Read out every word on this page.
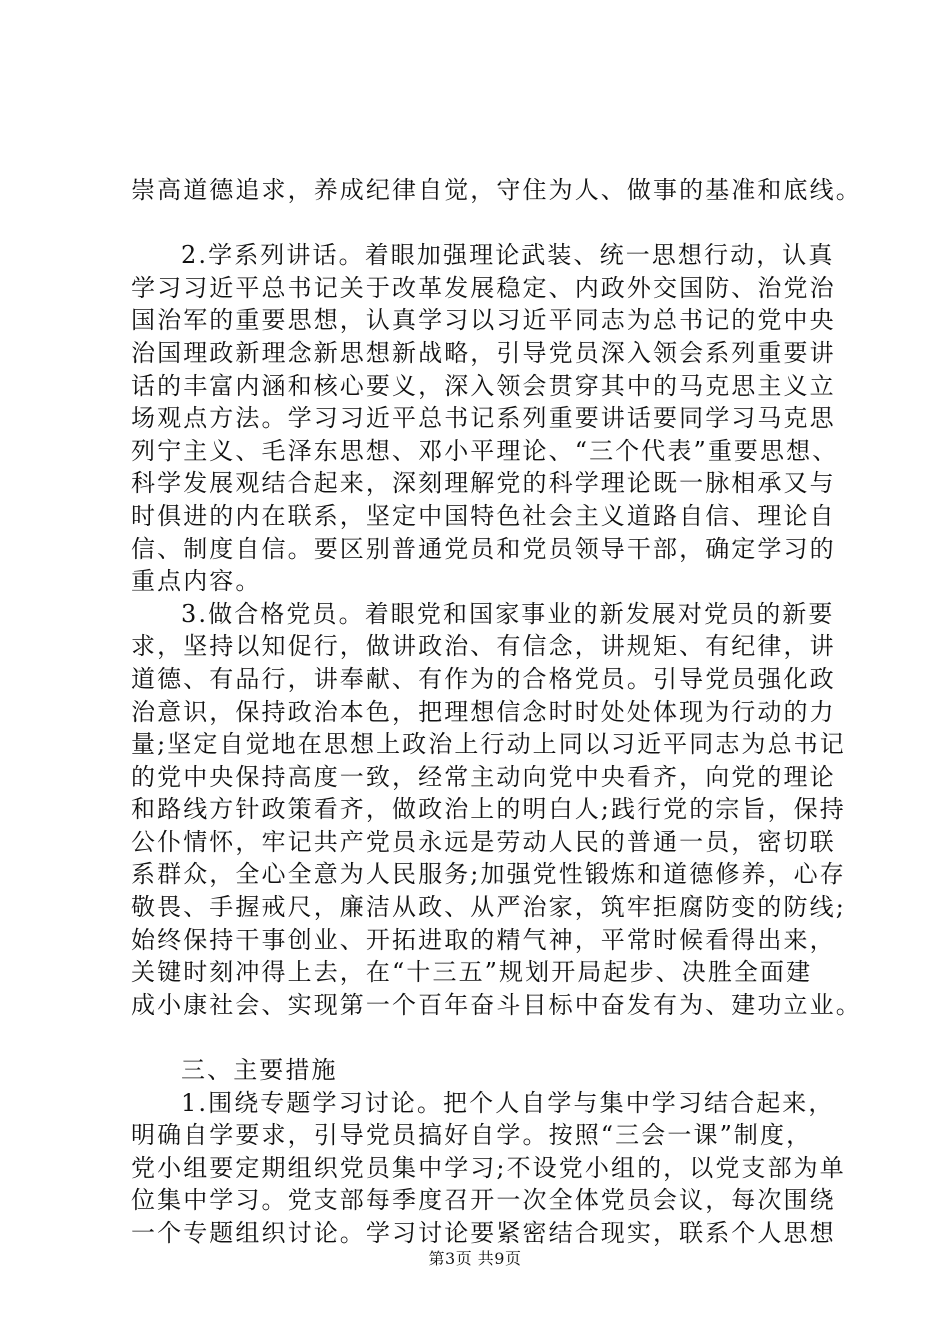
崇高道德追求，养成纪律自觉，守住为人、做事的基准和底线。
2.学系列讲话。着眼加强理论武装、统一思想行动，认真
学习习近平总书记关于改革发展稳定、内政外交国防、治党治
国治军的重要思想，认真学习以习近平同志为总书记的党中央
治国理政新理念新思想新战略，引导党员深入领会系列重要讲
话的丰富内涵和核心要义，深入领会贯穿其中的马克思主义立
场观点方法。学习习近平总书记系列重要讲话要同学习马克思
列宁主义、毛泽东思想、邓小平理论、“三个代表”重要思想、
科学发展观结合起来，深刻理解党的科学理论既一脉相承又与
时俱进的内在联系，坚定中国特色社会主义道路自信、理论自
信、制度自信。要区别普通党员和党员领导干部，确定学习的
重点内容。
3.做合格党员。着眼党和国家事业的新发展对党员的新要
求，坚持以知促行，做讲政治、有信念，讲规矩、有纪律，讲
道德、有品行，讲奉献、有作为的合格党员。引导党员强化政
治意识，保持政治本色，把理想信念时时处处体现为行动的力
量;坚定自觉地在思想上政治上行动上同以习近平同志为总书记
的党中央保持高度一致，经常主动向党中央看齐，向党的理论
和路线方针政策看齐，做政治上的明白人;践行党的宗旨，保持
公仆情怀，牢记共产党员永远是劳动人民的普通一员，密切联
系群众，全心全意为人民服务;加强党性锻炼和道德修养，心存
敬畏、手握戒尺，廉洁从政、从严治家，筑牢拒腐防变的防线;
始终保持干事创业、开拓进取的精气神，平常时候看得出来，
关键时刻冲得上去，在“十三五”规划开局起步、决胜全面建
成小康社会、实现第一个百年奋斗目标中奋发有为、建功立业。
三、主要措施
1.围绕专题学习讨论。把个人自学与集中学习结合起来，
明确自学要求，引导党员搞好自学。按照“三会一课”制度，
党小组要定期组织党员集中学习;不设党小组的，以党支部为单
位集中学习。党支部每季度召开一次全体党员会议，每次围绕
一个专题组织讨论。学习讨论要紧密结合现实，联系个人思想
第3页 共9页
